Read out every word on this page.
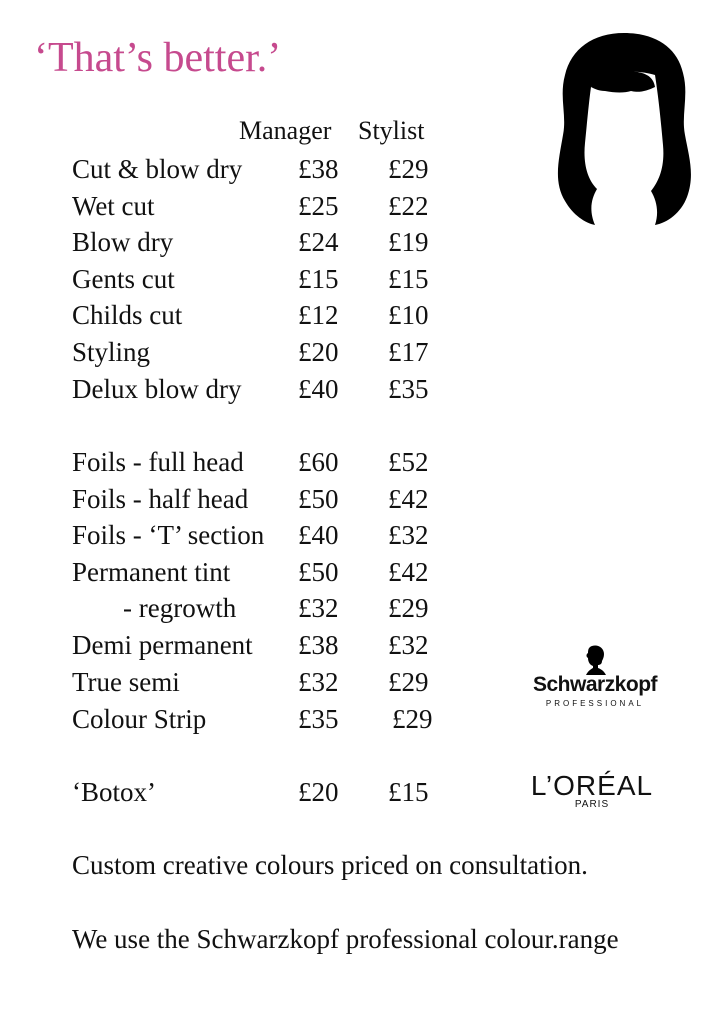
‘That’s better.’
Manager Stylist
Cut & blow dry £38 £29
Wet cut	£25 £22
Blow dry	£24 £19
Gents cut	£15 £15
Childs cut	£12 £10
Styling	£20 £17
Delux blow dry £40 £35
Foils - full head £60 £52
Foils - half head £50 £42
Foils - ‘T’ section £40 £32
Permanent tint	£50 £42
- regrowth £32 £29
Demi permanent £38 £32
True semi	£32 £29
Colour Strip	£35 £29
‘Botox’	£20 £15
Schwarzkopf
PROFESSIONAL
L’ORÉAL
PARIS
Custom creative colours priced on consultation.
We use the Schwarzkopf professional colour.range
